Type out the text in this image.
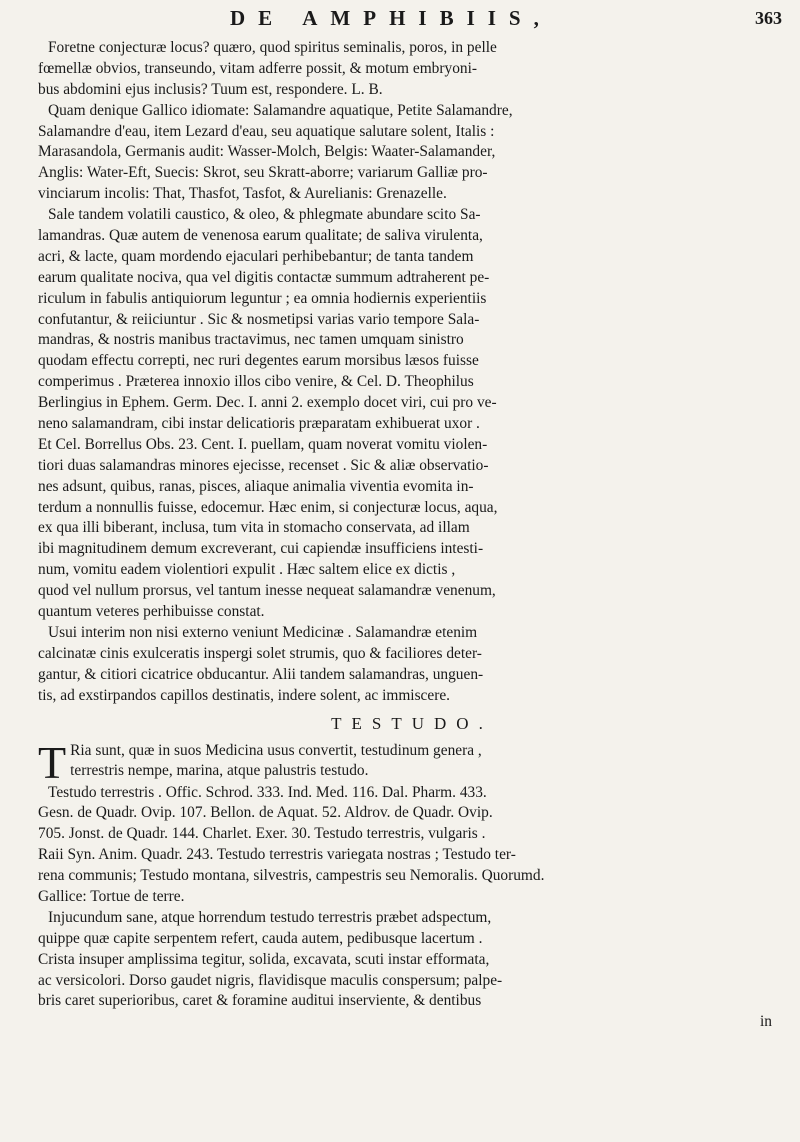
DE AMPHIBIIS,	363
Foretne conjecturæ locus? quæro, quod spiritus seminalis, poros, in pelle
fœmellæ obvios, transeundo, vitam adferre possit, & motum embryoni-
bus abdomini ejus inclusis? Tuum est, respondere. L. B.
Quam denique Gallico idiomate: Salamandre aquatique, Petite Salamandre,
Salamandre d'eau, item Lezard d'eau, seu aquatique salutare solent, Italis :
Marasandola, Germanis audit: Wasser-Molch, Belgis: Waater-Salamander,
Anglis: Water-Eft, Suecis: Skrot, seu Skratt-aborre; variarum Galliæ pro-
vinciarum incolis: That, Thasfot, Tasfot, & Aurelianis: Grenazelle.
Sale tandem volatili caustico, & oleo, & phlegmate abundare scito Sa-
lamandras. Quæ autem de venenosa earum qualitate; de saliva virulenta,
acri, & lacte, quam mordendo ejaculari perhibebantur; de tanta tandem
earum qualitate nociva, qua vel digitis contactæ summum adtraherent pe-
riculum in fabulis antiquiorum leguntur ; ea omnia hodiernis experientiis
confutantur, & reiiciuntur . Sic & nosmetipsi varias vario tempore Sala-
mandras, & nostris manibus tractavimus, nec tamen umquam sinistro
quodam effectu correpti, nec ruri degentes earum morsibus læsos fuisse
comperimus . Præterea innoxio illos cibo venire, & Cel. D. Theophilus
Berlingius in Ephem. Germ. Dec. I. anni 2. exemplo docet viri, cui pro ve-
neno salamandram, cibi instar delicatioris præparatam exhibuerat uxor .
Et Cel. Borrellus Obs. 23. Cent. I. puellam, quam noverat vomitu violen-
tiori duas salamandras minores ejecisse, recenset . Sic & aliæ observatio-
nes adsunt, quibus, ranas, pisces, aliaque animalia viventia evomita in-
terdum a nonnullis fuisse, edocemur. Hæc enim, si conjecturæ locus, aqua,
ex qua illi biberant, inclusa, tum vita in stomacho conservata, ad illam
ibi magnitudinem demum excreverant, cui capiendæ insufficiens intesti-
num, vomitu eadem violentiori expulit . Hæc saltem elice ex dictis ,
quod vel nullum prorsus, vel tantum inesse nequeat salamandræ venenum,
quantum veteres perhibuisse constat.
Usui interim non nisi externo veniunt Medicinæ . Salamandræ etenim
calcinatæ cinis exulceratis inspergi solet strumis, quo & faciliores deter-
gantur, & citiori cicatrice obducantur. Alii tandem salamandras, unguen-
tis, ad exstirpandos capillos destinatis, indere solent, ac immiscere.
TESTUDO.
T Ria sunt, quæ in suos Medicina usus convertit, testudinum genera ,
terrestris nempe, marina, atque palustris testudo.
Testudo terrestris . Offic. Schrod. 333. Ind. Med. 116. Dal. Pharm. 433.
Gesn. de Quadr. Ovip. 107. Bellon. de Aquat. 52. Aldrov. de Quadr. Ovip.
705. Jonst. de Quadr. 144. Charlet. Exer. 30. Testudo terrestris, vulgaris .
Raii Syn. Anim. Quadr. 243. Testudo terrestris variegata nostras ; Testudo ter-
rena communis; Testudo montana, silvestris, campestris seu Nemoralis. Quorumd.
Gallice: Tortue de terre.
Injucundum sane, atque horrendum testudo terrestris præbet adspectum,
quippe quæ capite serpentem refert, cauda autem, pedibusque lacertum .
Crista insuper amplissima tegitur, solida, excavata, scuti instar efformata,
ac versicolori. Dorso gaudet nigris, flavidisque maculis conspersum; palpe-
bris caret superioribus, caret & foramine auditui inserviente, & dentibus
in
